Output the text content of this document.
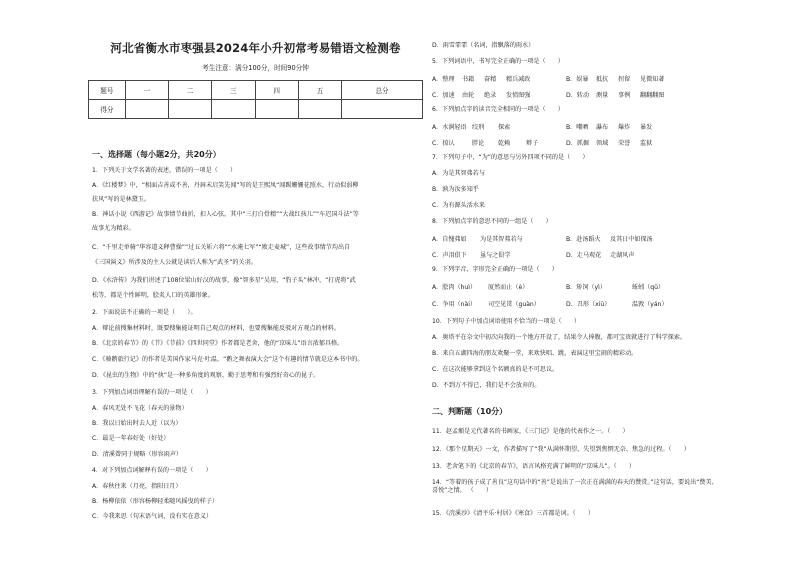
河北省衡水市枣强县2024年小升初常考易错语文检测卷
考生注意：满分100分，时间90分钟
题号	一	二	三	四	五	总分
得分						
一、选择题（每小题2分，共20分）
1．下列关于文学名著的表述，错误的一项是（　　）
A．《红楼梦》中，“相面吉善或不善，丹唇未启笑先闻”写的是王熙凤“闻踢姗姗花照水，行动似弱柳
扶风”写的是林黛玉。
B．神话小说《西游记》故事情节曲折，扣人心弦。其中“三打白骨精”“大战红孩儿”“车迟国斗法”等
故事尤为精彩。
C．“千里走单骑”华容道义释曹操”“过五关斩六将”“水淹七军”“败走麦城”，这些故事情节均出自
《三国演义》所涉及的主人公就是读后人称为“武圣”的关羽。
D．《水浒传》为我们讲述了108位梁山好汉的故事，像“智多星”吴用、“豹子头”林冲、“打虎将”武
松等，都是个性鲜明，脍炙人口的英雄形象。
2．下面说法不正确的一项是（　　）。
A．辩论前搜集材料时，既要搜集能证明自己观点的材料，也要搜集能反驳对方观点的材料。
B．《北京的春节》的《节》《节前》《四世同堂》作者都是老舍，他的“京味儿”语言浓郁具格。
C．《骑鹅旅行记》的作者是美国作家马克·吐温，“鹅之舞表演大会”这个有趣的情节就是这本书中的。
D．《昆虫的生物》中的“执”是一种多角度的观察、勤于思考和有强烈好奇心的昆子。
3．下列加点词语理解有误的一项是（　　）
A．春风无处不飞花（春天的景物）
B．我以日始出时去人近（以为）
C．最是一年春好处（好处）
D．清溪曾同于规略（形容雨声）
4．对下列加点词解释有误的一项是（　　）
A．春秋往来（月亮，指阳日月）
B．杨柳依依（形容杨柳轻柔随风摇曳的样子）
C．今我来思（句末语气词，没有实在意义）
D．雨雪霏霏（名词，指飘落的雨水）
5．下列词语中，书写完全正确的一项是（　　）
A．整理 书籍 奋精 精兵减政	B．娱暴 抵抗 拐留 见微知著
C．加速 由轮 绝录 发愤图强	D．转动 测量 事例 翻翻翻图
6．下列加点字的读音完全相同的一项是（　　）
A．水涧轻语 绞刑 探索	B．嘲晒 瀑布 爆炸 暴发
C．掠认	胖论 乾赖	辫子	D．抓掘 领域 荣誉 监狱
7．下列句子中，“为”的意思与另外四项不同的是（　　）
A．为是其智弗若与
B．孰为汝多知乎
C．为有源头活水来
8．下列加点字的意思不同的一组是（　　）
A．自愧弗如 为是其智弗若与	B．赴汤蹈火 及其日中如探汤
C．声泪俱下 虽与之俱学	D．走马观花 走湖风声
9．下列字音、字形完全正确的一项是（　　）
A．脍肉（huì） 厦然而止（è）	B．矫饲（yì）	蚯蚓（qū）
C．争用（nài） 司空见贯（guàn）	D．丑形（xiū）	温敦（yán）
10．下列句子中加点词语使用不恰当的一项是（　　）
A．奥塔平在奈文中初次向我的一个地方开设了，结果令人捧腹，都可宝贵就进行了科学探索。
B．来自五湖四海的朋友欢聚一堂，来欢快唱、跳，表演这里宝闹的精彩动。
C．在这次能够拿到这个名额真的是不可思议。
D．不到万不得已，我们是不会放弃的。
二、判断题（10分）
11．赵孟頫是元代著名的书画家，《三门记》是他的代表作之一。（　　）
12．《那个星期天》一文，作者描写了“我”从满怀期望、失望到焦惘无奈、焦急的过程。（　　）
13．老舍笔下的《北京的春节》，语言风格充满了鲜明的“京味儿”。（　　）
14．“等着的孩子成了善良”这句话中的“善”是说出了一次正在满满的春天的赞赏。”这句话，要说出“赞美、喜悦”之情。 （　　）
15．《浣溪沙》《清平乐·村居》《寒食》三首都是词。（　　）
